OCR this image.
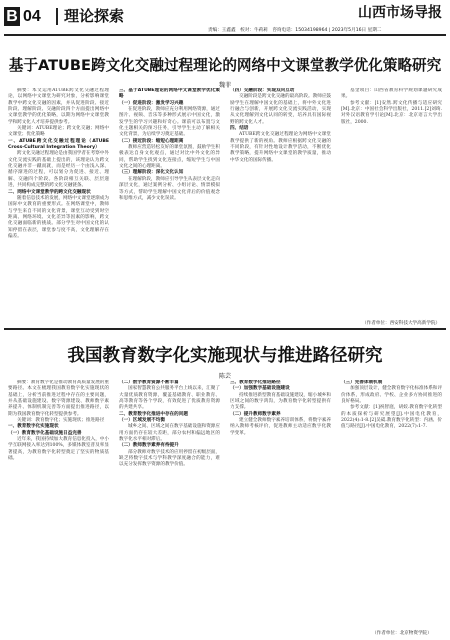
B 04 理论探索	山西市场导报
责编：王鑫鑫　校对：牛莉莉　咨询电话：15034198964 | 2023年5月16日 星期二
基于ATUBE跨文化交融过程理论的网络中文课堂教学优化策略研究
魏菲

摘要：本文运用ATUBE跨文化交融过程理论，以网络中文课堂为研究对象，分析影响课堂教学中跨文化交融的因素，并从促进阶段、接近阶段、理解阶段、交融阶段四个方面提出网络中文课堂教学的优化策略，以期为网络中文课堂教学和跨文化人才培养提供参考。

关键词：ATUBE理论；跨文化交融；网络中文课堂；优化策略

一、ATUBE跨文化交融过程理论（ATUBE Cross-Cultural Integration Theory）

跨文化交融过程理论是由我国学者在考察中外文化交流实践的基础上提出的，该理论认为跨文化交融并非一蹴而就，而是经历一个由浅入深、循序渐进的过程，可以划分为促进、接近、理解、交融四个阶段。各阶段相互关联、层层递进，共同构成完整的跨文化交融链条。

二、网络中文课堂教学的跨文化交融现状

随着信息技术的发展，网络中文课堂逐渐成为国际中文教育的重要形式。在网络课堂中，教师与学生来自不同的文化背景，课堂互动受到时空距离、网络环境、文化差异等因素的影响，跨文化交融面临新的挑战。部分学生对中国文化的认知停留在表层，课堂参与度不高，文化理解存在偏差。

三、基于ATUBE理论的网络中文课堂教学优化策略

（一）促进阶段：激发学习兴趣

在促进阶段，教师应充分利用网络资源，通过图片、视频、音乐等多种形式展示中国文化，激发学生的学习兴趣和好奇心。课前可以布置与文化主题相关的预习任务，引导学生主动了解相关文化背景，为后续学习奠定基础。

（二）接近阶段：缩短心理距离

教师应营造轻松友好的课堂氛围，鼓励学生积极表达自身文化观点，通过对比中外文化的异同，帮助学生找到文化连接点，缩短学生与中国文化之间的心理距离。

（三）理解阶段：深化文化认知

在理解阶段，教师应引导学生从表层文化走向深层文化，通过案例分析、小组讨论、情景模拟等方式，帮助学生理解中国文化背后的价值观念和思维方式，减少文化误读。

（四）交融阶段：实现双向互动

交融阶段是跨文化交融的最高阶段。教师应鼓励学生在理解中国文化的基础上，将中外文化进行融合与创新，开展跨文化交流实践活动，实现从文化理解到文化认同的转变，培养具有国际视野的跨文化人才。

四、结语

ATUBE跨文化交融过程理论为网络中文课堂教学提供了新的视角。教师应根据跨文化交融的不同阶段，有针对性地设计教学活动，不断优化教学策略，提升网络中文课堂的教学质量，推动中华文化的国际传播。

基金项目：山西省教育科学规划课题研究成果。

参考文献：[1]安然.跨文化传播与适应研究[M].北京：中国社会科学出版社，2011.[2]刘珣.对外汉语教育学引论[M].北京：北京语言大学出版社，2000.

（作者单位：西安科技大学高新学院）
我国教育数字化实施现状与推进路径研究
陈芸

摘要：教育数字化是推动教育高质量发展的重要路径。本文在梳理我国教育数字化实施现状的基础上，分析当前推进过程中存在的主要问题，并从基础设施建设、数字资源建设、教师数字素养提升、体制机制完善等方面提出推进路径，以期为我国教育数字化转型提供参考。

关键词：教育数字化；实施现状；推进路径

一、教育数字化实施现状

（一）教育数字化基础设施日益完善

近年来，我国持续加大教育信息化投入，中小学互联网接入率达到100%，多媒体教室普及率显著提高，为教育数字化转型奠定了坚实的物质基础。

（二）数字教育资源不断丰富

国家智慧教育公共服务平台上线以来，汇聚了大量优质教育资源，覆盖基础教育、职业教育、高等教育等各个学段，有效促进了优质教育资源的共建共享。

二、教育数字化推进中存在的问题

（一）区域发展不均衡

城乡之间、区域之间在数字基础设施和资源应用方面仍存在较大差距，部分农村和偏远地区的数字化水平相对滞后。

（二）教师数字素养有待提升

部分教师对数字技术的应用停留在初级层面，缺乏将数字技术与学科教学深度融合的能力，难以充分发挥数字资源的教学价值。

三、教育数字化推进路径

（一）加强数字基础设施建设

持续推进新型教育基础设施建设，缩小城乡和区域之间的数字鸿沟，为教育数字化转型提供有力支撑。

（二）提升教师数字素养

建立健全教师数字素养培训体系，将数字素养纳入教师考核评价，促进教师主动适应数字化教学变革。

（三）完善体制机制

加强顶层设计，健全教育数字化标准体系和评价体系，形成政府、学校、企业多方协同推进的良好格局。

参考文献：[1]祝智庭，胡姣.教育数字化转型的本质探析与研究展望[J].中国电化教育，2022(4):1-8.[2]吴砥.教育数字化转型：内涵、价值与路径[J].中国电化教育，2022(7):1-7.

（作者单位：北京物资学院）
